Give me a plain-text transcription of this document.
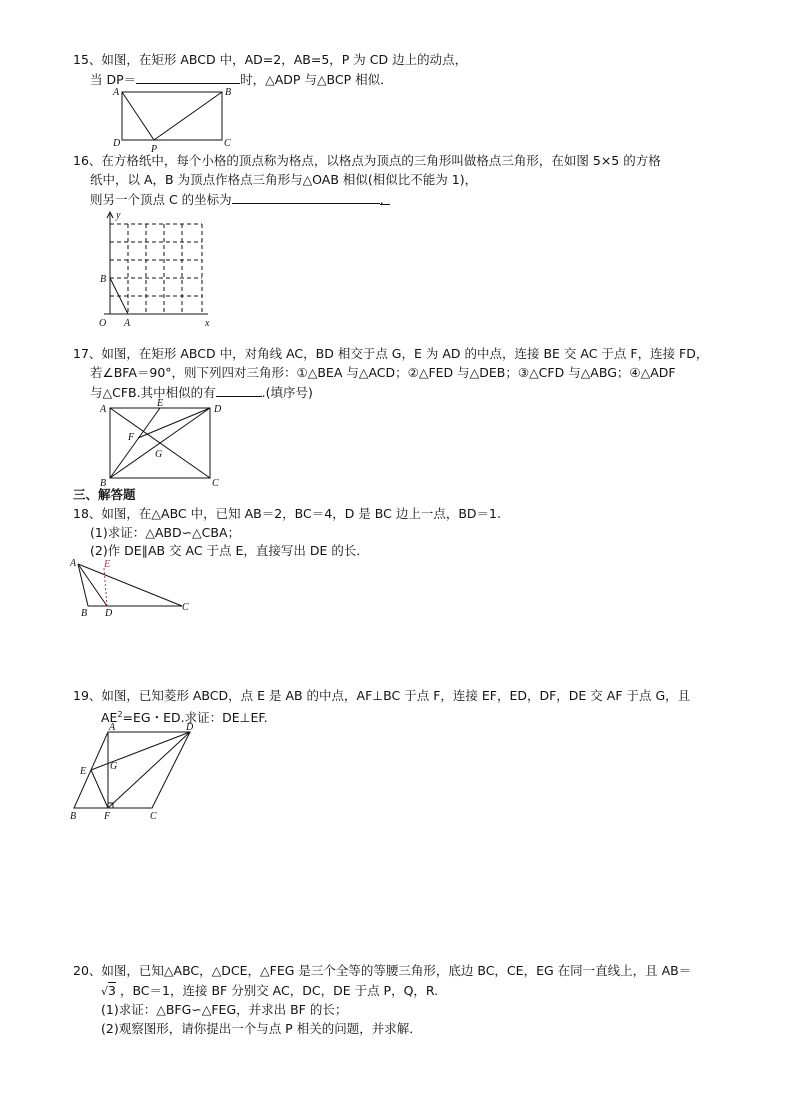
15、如图，在矩形 ABCD 中，AD=2，AB=5，P 为 CD 边上的动点，
当 DP＝	时，△ADP 与△BCP 相似．
A	B
C
D
P
16、在方格纸中，每个小格的顶点称为格点，以格点为顶点的三角形叫做格点三角形，在如图 5×5 的方格
纸中，以 A，B 为顶点作格点三角形与△OAB 相似(相似比不能为 1)，
则另一个顶点 C 的坐标为	.
y
x
O A
B
17、如图，在矩形 ABCD 中，对角线 AC，BD 相交于点 G，E 为 AD 的中点，连接 BE 交 AC 于点 F，连接 FD，
若∠BFA＝90°，则下列四对三角形：①△BEA 与△ACD；②△FED 与△DEB；③△CFD 与△ABG；④△ADF
与△CFB.其中相似的有	.(填序号)
A	D
B	C
E
F
G
三、解答题
18、如图，在△ABC 中，已知 AB＝2，BC＝4，D 是 BC 边上一点，BD＝1.
(1)求证：△ABD∽△CBA；
(2)作 DE∥AB 交 AC 于点 E，直接写出 DE 的长．
A
B D
C
E
19、如图，已知菱形 ABCD，点 E 是 AB 的中点，AF⊥BC 于点 F，连接 EF，ED，DF，DE 交 AF 于点 G，且
$AE^2=EG$・ED.求证：DE⊥EF.
A	D
E G
B	F	C
20、如图，已知△ABC，△DCE，△FEG 是三个全等的等腰三角形，底边 BC，CE，EG 在同一直线上，且 AB＝
√3 ，BC＝1，连接 BF 分别交 AC，DC，DE 于点 P，Q，R.
(1)求证：△BFG∽△FEG，并求出 BF 的长；
(2)观察图形，请你提出一个与点 P 相关的问题，并求解．
